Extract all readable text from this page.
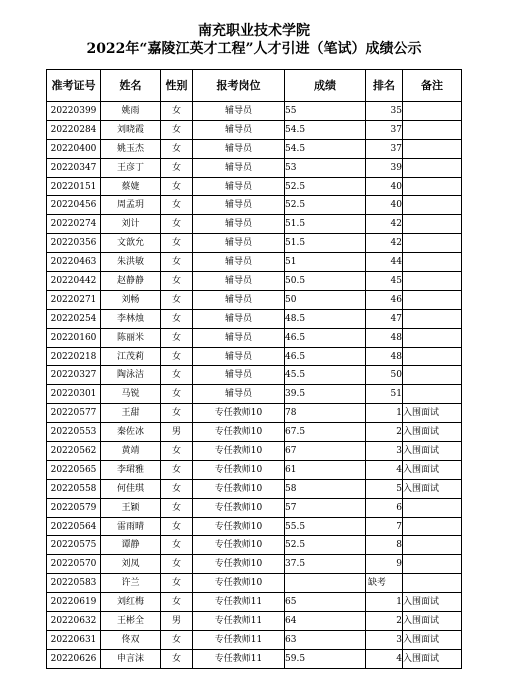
南充职业技术学院
2022年“嘉陵江英才工程”人才引进（笔试）成绩公示
准考证号	姓名	性别	报考岗位	成绩	排名	备注
20220399	姚雨	女	辅导员	55	35	
20220284	刘晓霞	女	辅导员	54.5	37	
20220400	姚玉杰	女	辅导员	54.5	37	
20220347	王彦丁	女	辅导员	53	39	
20220151	蔡婕	女	辅导员	52.5	40	
20220456	周孟玥	女	辅导员	52.5	40	
20220274	刘计	女	辅导员	51.5	42	
20220356	文歆允	女	辅导员	51.5	42	
20220463	朱洪敏	女	辅导员	51	44	
20220442	赵静静	女	辅导员	50.5	45	
20220271	刘畅	女	辅导员	50	46	
20220254	李林烛	女	辅导员	48.5	47	
20220160	陈丽米	女	辅导员	46.5	48	
20220218	江茂莉	女	辅导员	46.5	48	
20220327	陶泳洁	女	辅导员	45.5	50	
20220301	马锐	女	辅导员	39.5	51	
20220577	王甜	女	专任教师10	78	1	入围面试
20220553	秦佐冰	男	专任教师10	67.5	2	入围面试
20220562	黄靖	女	专任教师10	67	3	入围面试
20220565	李珺雅	女	专任教师10	61	4	入围面试
20220558	何佳琪	女	专任教师10	58	5	入围面试
20220579	王颖	女	专任教师10	57	6	
20220564	雷雨晴	女	专任教师10	55.5	7	
20220575	谭静	女	专任教师10	52.5	8	
20220570	刘凤	女	专任教师10	37.5	9	
20220583	许兰	女	专任教师10		缺考	
20220619	刘红梅	女	专任教师11	65	1	入围面试
20220632	王彬全	男	专任教师11	64	2	入围面试
20220631	佟双	女	专任教师11	63	3	入围面试
20220626	申言沫	女	专任教师11	59.5	4	入围面试
